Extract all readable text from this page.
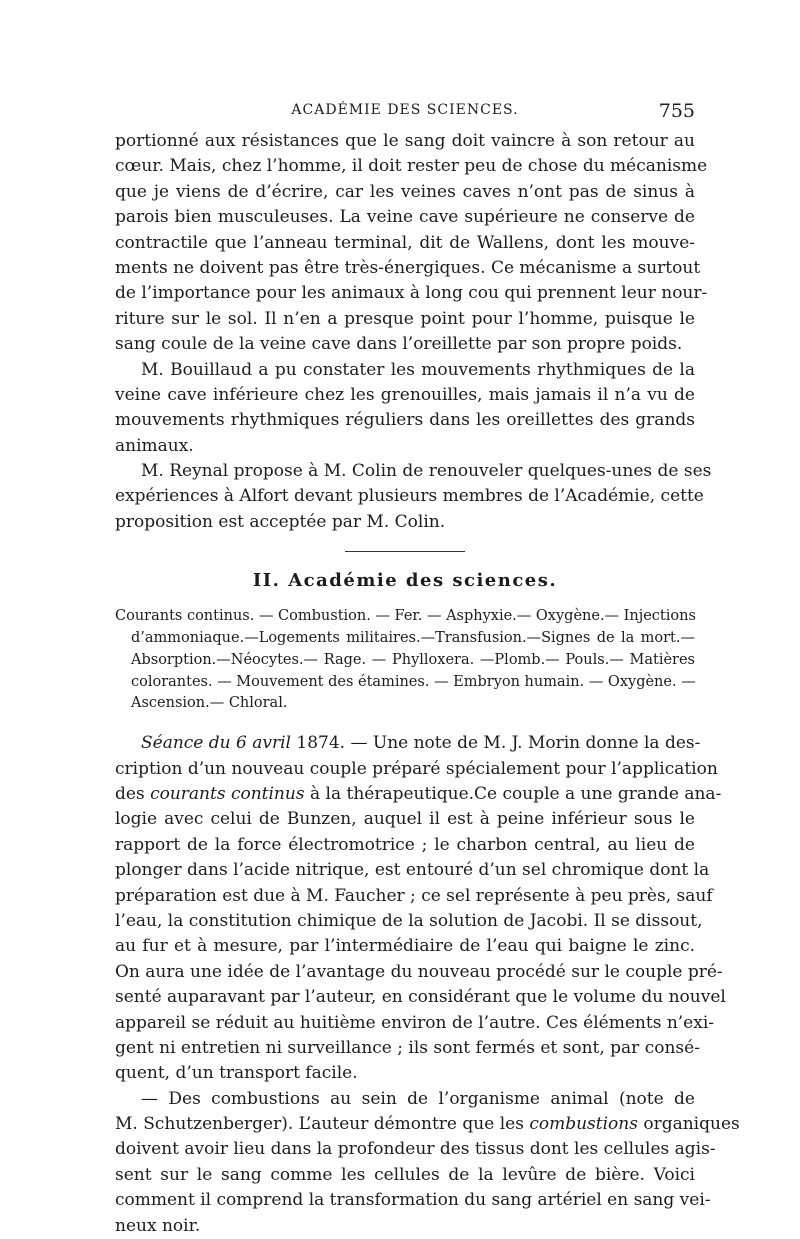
ACADÉMIE DES SCIENCES.	755
portionné aux résistances que le sang doit vaincre à son retour au
cœur. Mais, chez l’homme, il doit rester peu de chose du mécanisme
que je viens de d’écrire, car les veines caves n’ont pas de sinus à
parois bien musculeuses. La veine cave supérieure ne conserve de
contractile que l’anneau terminal, dit de Wallens, dont les mouve-
ments ne doivent pas être très-énergiques. Ce mécanisme a surtout
de l’importance pour les animaux à long cou qui prennent leur nour-
riture sur le sol. Il n’en a presque point pour l’homme, puisque le
sang coule de la veine cave dans l’oreillette par son propre poids.
M. Bouillaud a pu constater les mouvements rhythmiques de la
veine cave inférieure chez les grenouilles, mais jamais il n’a vu de
mouvements rhythmiques réguliers dans les oreillettes des grands
animaux.
M. Reynal propose à M. Colin de renouveler quelques-unes de ses
expériences à Alfort devant plusieurs membres de l’Académie, cette
proposition est acceptée par M. Colin.
II. Académie des sciences.
Courants continus. — Combustion. — Fer. — Asphyxie.— Oxygène.— Injections
d’ammoniaque.—Logements militaires.—Transfusion.—Signes de la mort.—
Absorption.—Néocytes.— Rage. — Phylloxera. —Plomb.— Pouls.— Matières
colorantes. — Mouvement des étamines. — Embryon humain. — Oxygène. —
Ascension.— Chloral.
Séance du 6 avril 1874. — Une note de M. J. Morin donne la des-
cription d’un nouveau couple préparé spécialement pour l’application
des courants continus à la thérapeutique.Ce couple a une grande ana-
logie avec celui de Bunzen, auquel il est à peine inférieur sous le
rapport de la force électromotrice ; le charbon central, au lieu de
plonger dans l’acide nitrique, est entouré d’un sel chromique dont la
préparation est due à M. Faucher ; ce sel représente à peu près, sauf
l’eau, la constitution chimique de la solution de Jacobi. Il se dissout,
au fur et à mesure, par l’intermédiaire de l’eau qui baigne le zinc.
On aura une idée de l’avantage du nouveau procédé sur le couple pré-
senté auparavant par l’auteur, en considérant que le volume du nouvel
appareil se réduit au huitième environ de l’autre. Ces éléments n’exi-
gent ni entretien ni surveillance ; ils sont fermés et sont, par consé-
quent, d’un transport facile.
— Des combustions au sein de l’organisme animal (note de
M. Schutzenberger). L’auteur démontre que les combustions organiques
doivent avoir lieu dans la profondeur des tissus dont les cellules agis-
sent sur le sang comme les cellules de la levûre de bière. Voici
comment il comprend la transformation du sang artériel en sang vei-
neux noir.
